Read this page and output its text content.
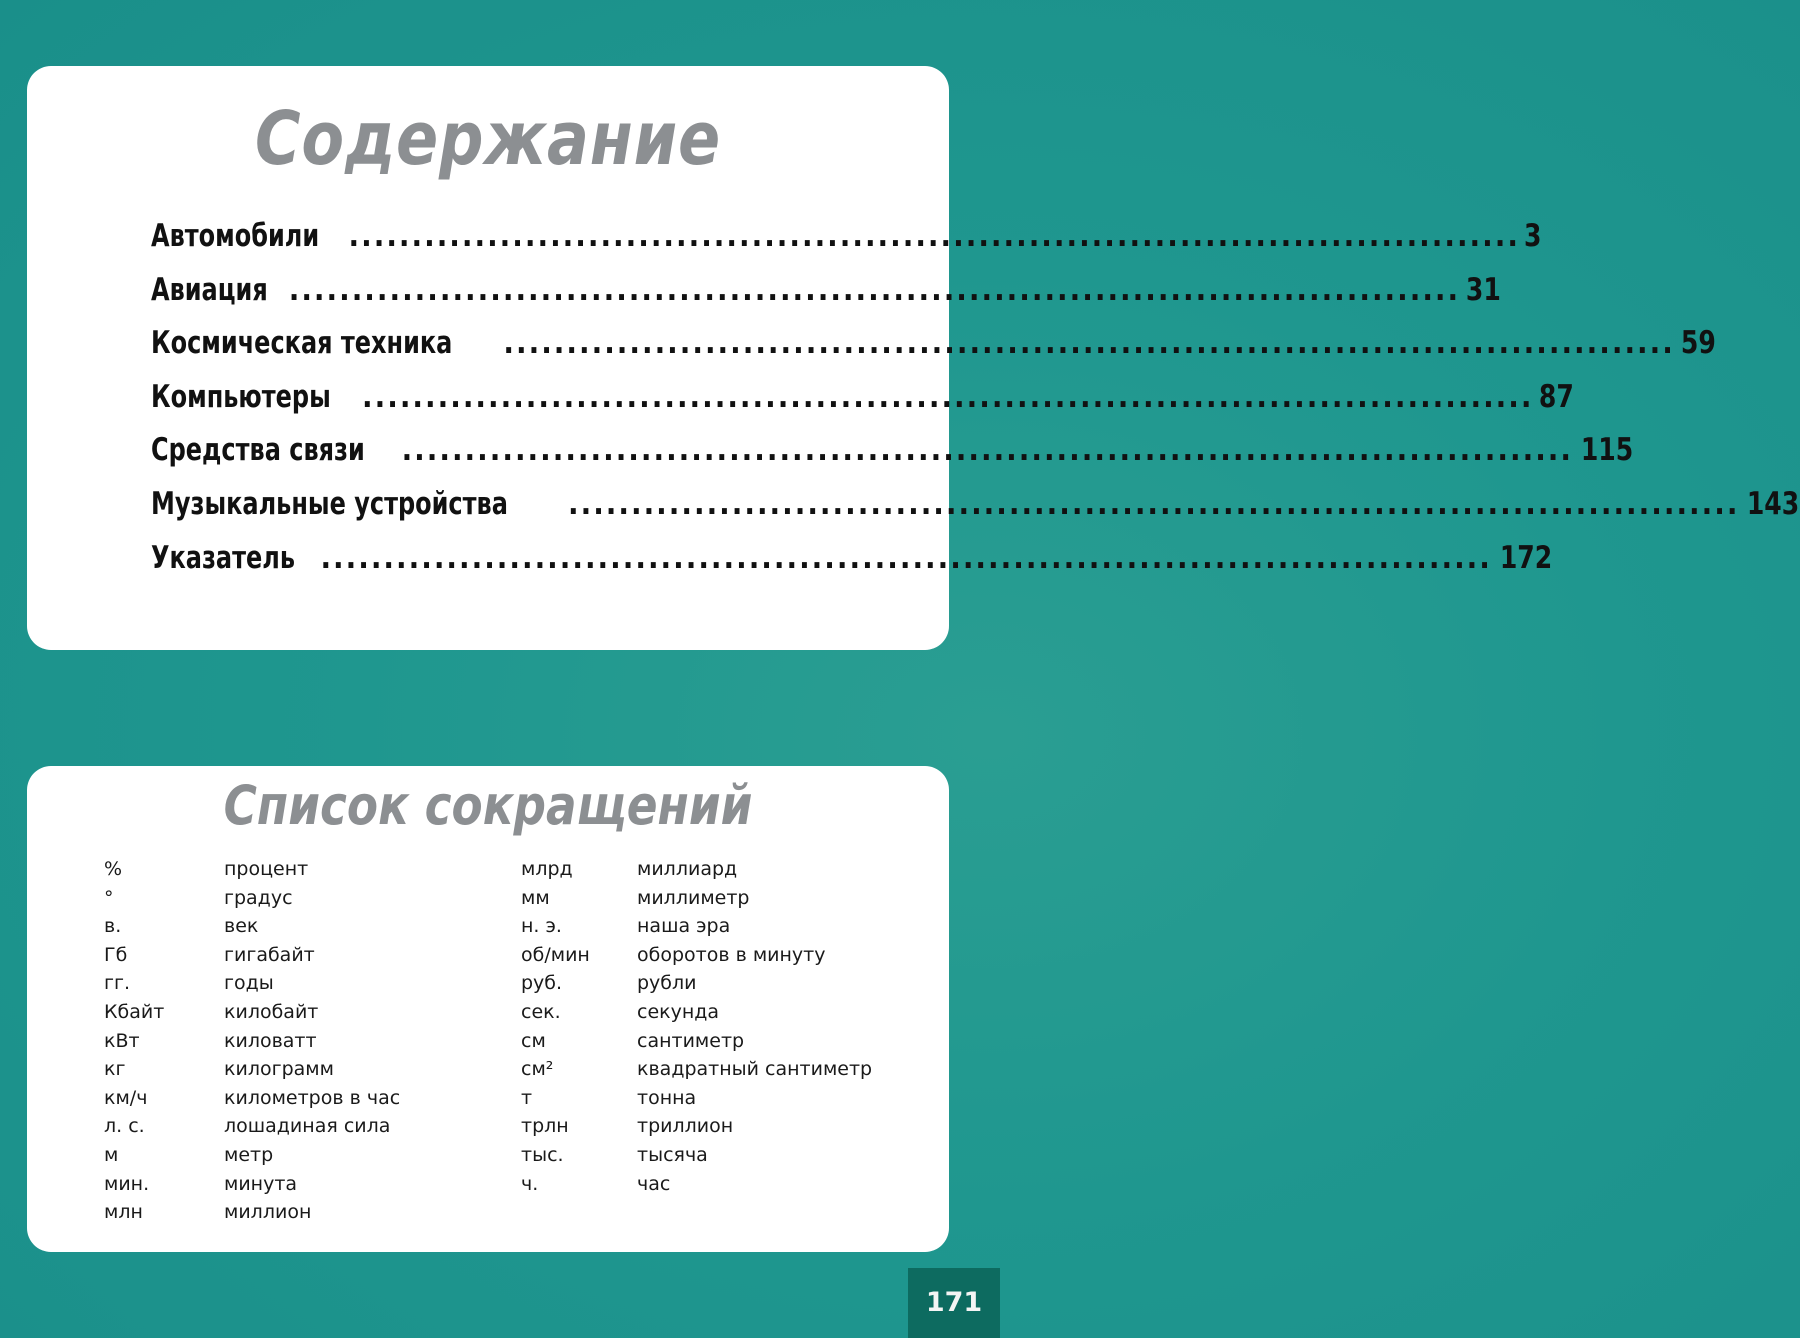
Содержание
Автомобили ............................................................................................. 3
Авиация ............................................................................................. 31
Космическая техника ............................................................................................. 59
Компьютеры ............................................................................................. 87
Средства связи ............................................................................................. 115
Музыкальные устройства ............................................................................................. 143
Указатель ............................................................................................. 172
Список сокращений
%	процент
°	градус
в.	век
Гб	гигабайт
гг.	годы
Кбайт	килобайт
кВт	киловатт
кг	килограмм
км/ч	километров в час
л. с.	лошадиная сила
м	метр
мин.	минута
млн	миллион
млрд	миллиард
мм	миллиметр
н. э.	наша эра
об/мин оборотов в минуту
руб.	рубли
сек.	секунда
см	сантиметр
см²	квадратный сантиметр
т	тонна
трлн	триллион
тыс.	тысяча
ч.	час
171
